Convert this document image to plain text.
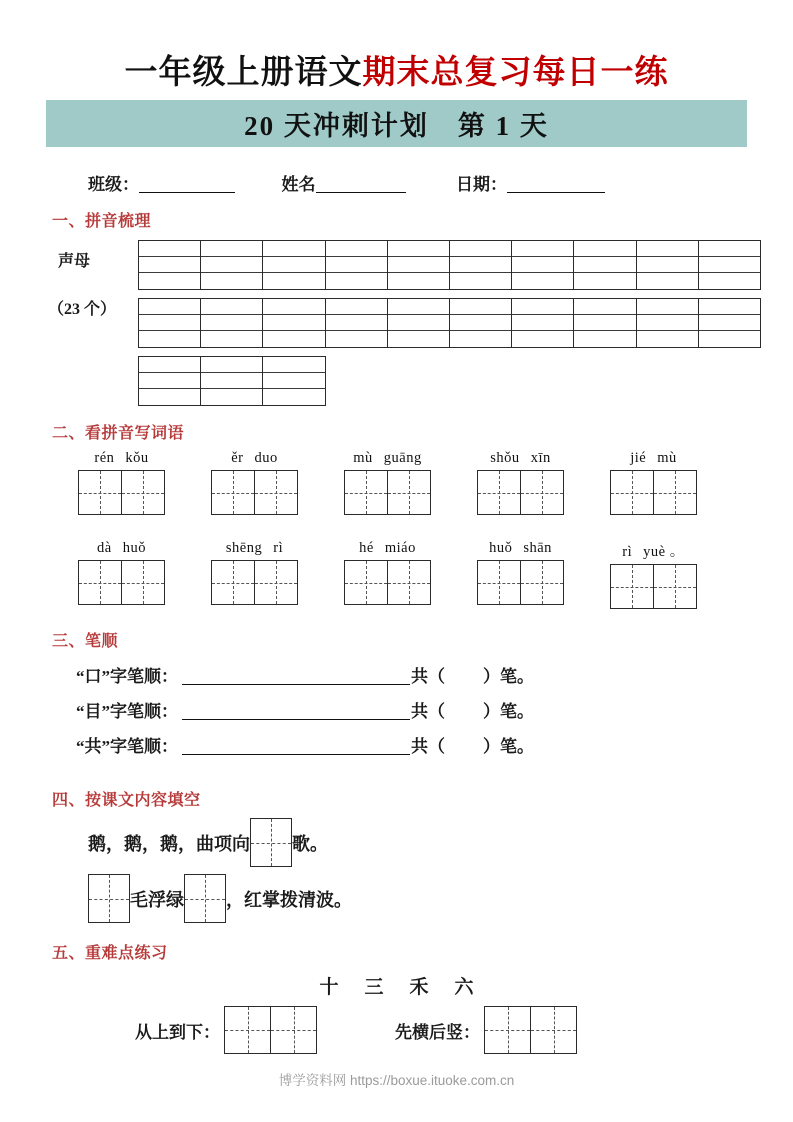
一年级上册语文期末总复习每日一练
20 天冲刺计划　第 1 天
班级：	姓名	日期：
一、拼音梳理
声母
（23 个）
二、看拼音写词语
rén kǒu	ěr duo	mù guāng	shǒu xīn	jié mù
dà huǒ	shēng rì	hé miáo	huǒ shān	rì yuè 。
三、笔顺
“口”字笔顺：	共（ ）笔。
“目”字笔顺：	共（ ）笔。
“共”字笔顺：	共（ ）笔。
四、按课文内容填空
鹅，鹅，鹅，曲项向 歌。
毛浮绿 ，红掌拨清波。
五、重难点练习
十 三 禾 六
从上到下：	先横后竖：
博学资料网 https://boxue.ituoke.com.cn
